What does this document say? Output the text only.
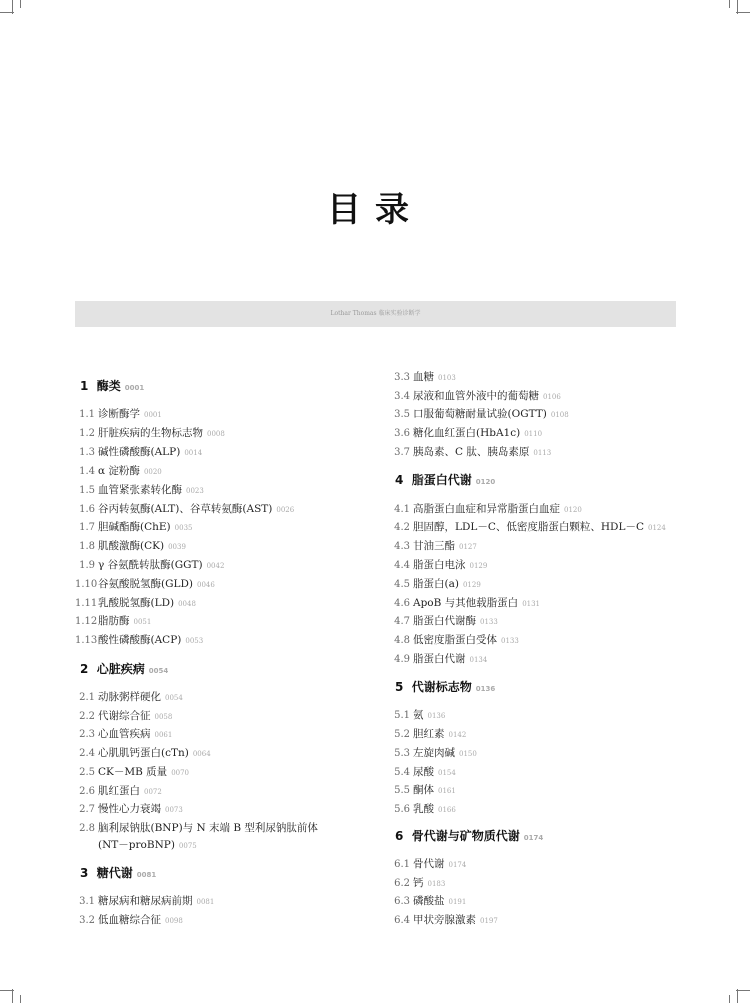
目录
Lothar Thomas 临床实验诊断学
1 酶类 0001
1.1 诊断酶学 0001
1.2 肝脏疾病的生物标志物 0008
1.3 碱性磷酸酶(ALP) 0014
1.4 α 淀粉酶 0020
1.5 血管紧张素转化酶 0023
1.6 谷丙转氨酶(ALT)、谷草转氨酶(AST) 0026
1.7 胆碱酯酶(ChE) 0035
1.8 肌酸激酶(CK) 0039
1.9 γ 谷氨酰转肽酶(GGT) 0042
1.10谷氨酸脱氢酶(GLD) 0046
1.11乳酸脱氢酶(LD) 0048
1.12脂肪酶 0051
1.13酸性磷酸酶(ACP) 0053
2 心脏疾病 0054
2.1 动脉粥样硬化 0054
2.2 代谢综合征 0058
2.3 心血管疾病 0061
2.4 心肌肌钙蛋白(cTn) 0064
2.5 CK－MB 质量 0070
2.6 肌红蛋白 0072
2.7 慢性心力衰竭 0073
2.8 脑利尿钠肽(BNP)与 N 末端 B 型利尿钠肽前体
(NT－proBNP) 0075
3 糖代谢 0081
3.1 糖尿病和糖尿病前期 0081
3.2 低血糖综合征 0098
3.3 血糖 0103
3.4 尿液和血管外液中的葡萄糖 0106
3.5 口服葡萄糖耐量试验(OGTT) 0108
3.6 糖化血红蛋白(HbA1c) 0110
3.7 胰岛素、C 肽、胰岛素原 0113
4 脂蛋白代谢 0120
4.1 高脂蛋白血症和异常脂蛋白血症 0120
4.2 胆固醇，LDL－C、低密度脂蛋白颗粒、HDL－C 0124
4.3 甘油三酯 0127
4.4 脂蛋白电泳 0129
4.5 脂蛋白(a) 0129
4.6 ApoB 与其他载脂蛋白 0131
4.7 脂蛋白代谢酶 0133
4.8 低密度脂蛋白受体 0133
4.9 脂蛋白代谢 0134
5 代谢标志物 0136
5.1 氨 0136
5.2 胆红素 0142
5.3 左旋肉碱 0150
5.4 尿酸 0154
5.5 酮体 0161
5.6 乳酸 0166
6 骨代谢与矿物质代谢 0174
6.1 骨代谢 0174
6.2 钙 0183
6.3 磷酸盐 0191
6.4 甲状旁腺激素 0197
